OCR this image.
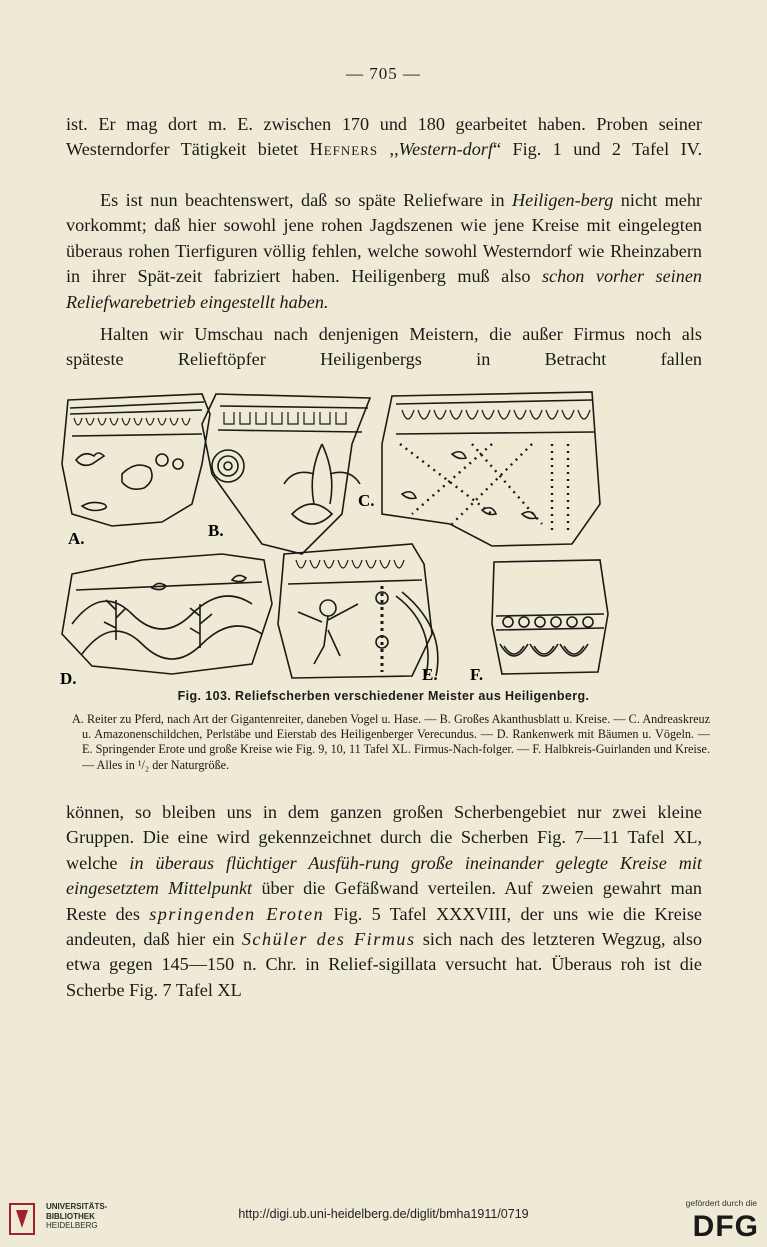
— 705 —

ist. Er mag dort m. E. zwischen 170 und 180 gearbeitet haben. Proben seiner Westerndorfer Tätigkeit bietet Hefners ,,Western-dorf“ Fig. 1 und 2 Tafel IV.

Es ist nun beachtenswert, daß so späte Reliefware in Heiligen-berg nicht mehr vorkommt; daß hier sowohl jene rohen Jagdszenen wie jene Kreise mit eingelegten überaus rohen Tierfiguren völlig fehlen, welche sowohl Westerndorf wie Rheinzabern in ihrer Spät-zeit fabriziert haben. Heiligenberg muß also schon vorher seinen Reliefwarebetrieb eingestellt haben.

Halten wir Umschau nach denjenigen Meistern, die außer Firmus noch als späteste Relieftöpfer Heiligenbergs in Betracht fallen

A.	B.
C.
D.	E. F.
Fig. 103. Reliefscherben verschiedener Meister aus Heiligenberg.

A. Reiter zu Pferd, nach Art der Gigantenreiter, daneben Vogel u. Hase. — B. Großes Akanthusblatt u. Kreise. — C. Andreaskreuz u. Amazonenschildchen, Perlstäbe und Eierstab des Heiligenberger Verecundus. — D. Rankenwerk mit Bäumen u. Vögeln. — E. Springender Erote und große Kreise wie Fig. 9, 10, 11 Tafel XL. Firmus-Nach-folger. — F. Halbkreis-Guirlanden und Kreise. — Alles in ¹/₂ der Naturgröße.

können, so bleiben uns in dem ganzen großen Scherbengebiet nur zwei kleine Gruppen. Die eine wird gekennzeichnet durch die Scherben Fig. 7—11 Tafel XL, welche in überaus flüchtiger Ausfüh-rung große ineinander gelegte Kreise mit eingesetztem Mittelpunkt über die Gefäßwand verteilen. Auf zweien gewahrt man Reste des springenden Eroten Fig. 5 Tafel XXXVIII, der uns wie die Kreise andeuten, daß hier ein Schüler des Firmus sich nach des letzteren Wegzug, also etwa gegen 145—150 n. Chr. in Relief-sigillata versucht hat. Überaus roh ist die Scherbe Fig. 7 Tafel XL

UNIVERSITÄTS-
BIBLIOTHEK
HEIDELBERG
http://digi.ub.uni-heidelberg.de/diglit/bmha1911/0719
gefördert durch die
DFG
